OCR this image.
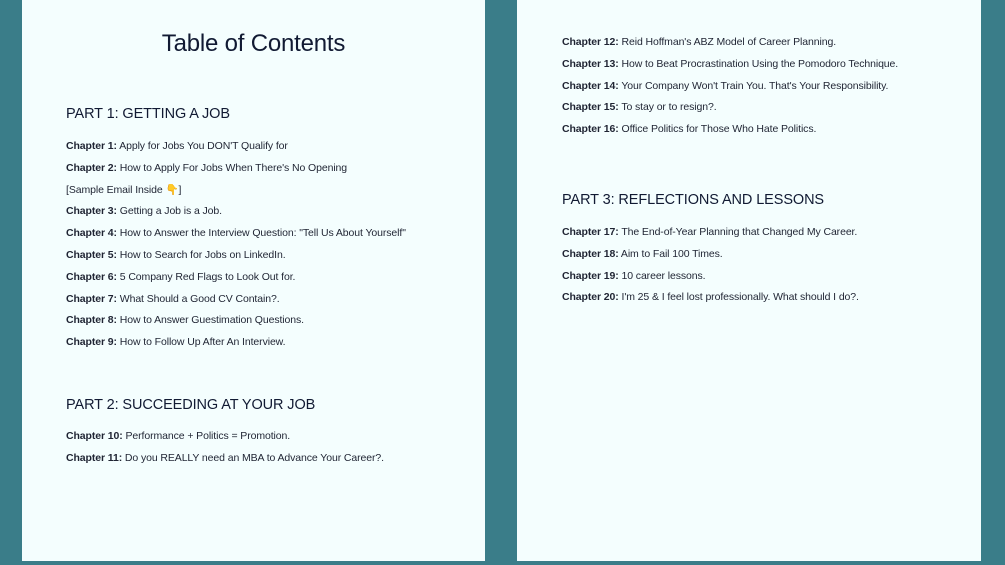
Table of Contents
PART 1: GETTING A JOB
Chapter 1: Apply for Jobs You DON'T Qualify for
Chapter 2: How to Apply For Jobs When There's No Opening
[Sample Email Inside 👇]
Chapter 3: Getting a Job is a Job.
Chapter 4: How to Answer the Interview Question: "Tell Us About Yourself"
Chapter 5: How to Search for Jobs on LinkedIn.
Chapter 6: 5 Company Red Flags to Look Out for.
Chapter 7: What Should a Good CV Contain?.
Chapter 8: How to Answer Guestimation Questions.
Chapter 9: How to Follow Up After An Interview.
PART 2: SUCCEEDING AT YOUR JOB
Chapter 10: Performance + Politics = Promotion.
Chapter 11: Do you REALLY need an MBA to Advance Your Career?.
Chapter 12: Reid Hoffman's ABZ Model of Career Planning.
Chapter 13: How to Beat Procrastination Using the Pomodoro Technique.
Chapter 14: Your Company Won't Train You. That's Your Responsibility.
Chapter 15: To stay or to resign?.
Chapter 16: Office Politics for Those Who Hate Politics.
PART 3: REFLECTIONS AND LESSONS
Chapter 17: The End-of-Year Planning that Changed My Career.
Chapter 18: Aim to Fail 100 Times.
Chapter 19: 10 career lessons.
Chapter 20: I'm 25 & I feel lost professionally. What should I do?.
